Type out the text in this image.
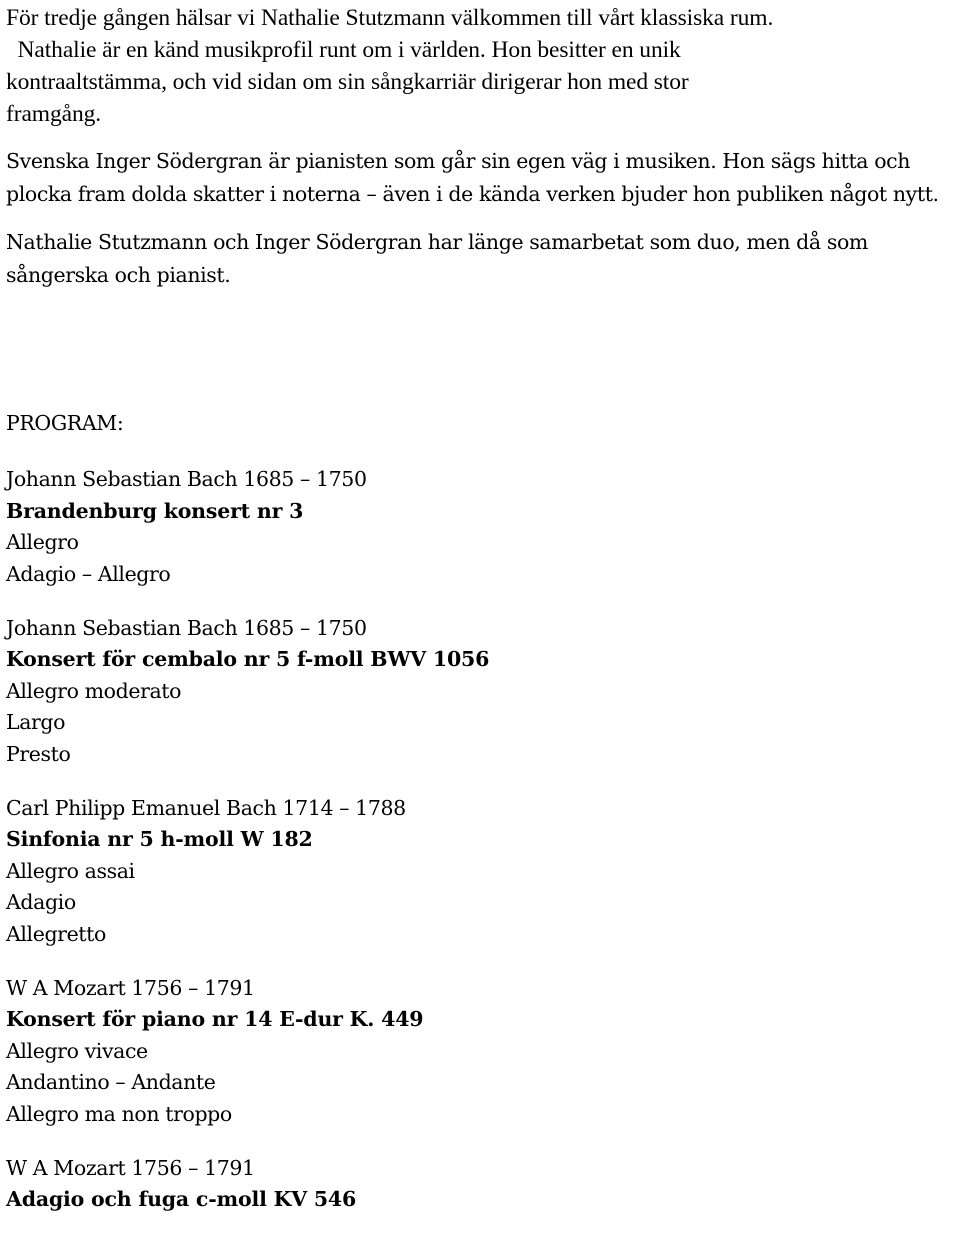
För tredje gången hälsar vi Nathalie Stutzmann välkommen till vårt klassiska rum.
Nathalie är en känd musikprofil runt om i världen. Hon besitter en unik
kontraaltstämma, och vid sidan om sin sångkarriär dirigerar hon med stor
framgång.

Svenska Inger Södergran är pianisten som går sin egen väg i musiken. Hon sägs hitta och plocka fram dolda skatter i noterna – även i de kända verken bjuder hon publiken något nytt.

Nathalie Stutzmann och Inger Södergran har länge samarbetat som duo, men då som sångerska och pianist.

PROGRAM:
Johann Sebastian Bach 1685 – 1750
Brandenburg konsert nr 3
Allegro
Adagio – Allegro
Johann Sebastian Bach 1685 – 1750
Konsert för cembalo nr 5 f-moll BWV 1056
Allegro moderato
Largo
Presto
Carl Philipp Emanuel Bach 1714 – 1788
Sinfonia nr 5 h-moll W 182
Allegro assai
Adagio
Allegretto
W A Mozart 1756 – 1791
Konsert för piano nr 14 E-dur K. 449
Allegro vivace
Andantino – Andante
Allegro ma non troppo
W A Mozart 1756 – 1791
Adagio och fuga c-moll KV 546
